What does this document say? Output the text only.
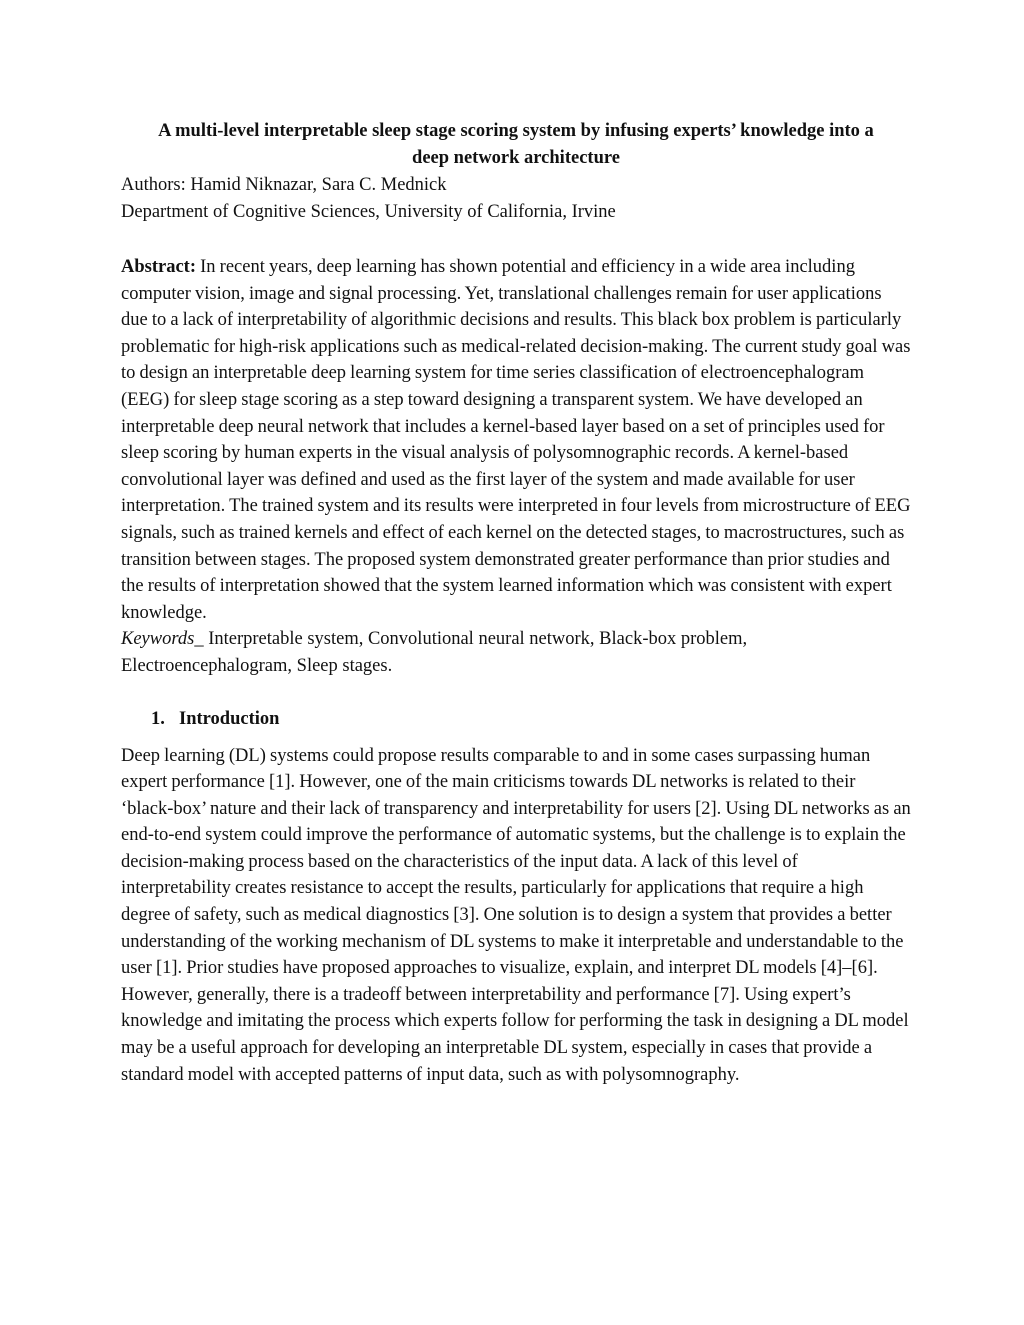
A multi-level interpretable sleep stage scoring system by infusing experts’ knowledge into a
deep network architecture

Authors: Hamid Niknazar, Sara C. Mednick

Department of Cognitive Sciences, University of California, Irvine

Abstract: In recent years, deep learning has shown potential and efficiency in a wide area including computer vision, image and signal processing. Yet, translational challenges remain for user applications due to a lack of interpretability of algorithmic decisions and results. This black box problem is particularly problematic for high-risk applications such as medical-related decision-making. The current study goal was to design an interpretable deep learning system for time series classification of electroencephalogram (EEG) for sleep stage scoring as a step toward designing a transparent system. We have developed an interpretable deep neural network that includes a kernel-based layer based on a set of principles used for sleep scoring by human experts in the visual analysis of polysomnographic records. A kernel-based convolutional layer was defined and used as the first layer of the system and made available for user interpretation. The trained system and its results were interpreted in four levels from microstructure of EEG signals, such as trained kernels and effect of each kernel on the detected stages, to macrostructures, such as transition between stages. The proposed system demonstrated greater performance than prior studies and the results of interpretation showed that the system learned information which was consistent with expert knowledge.

Keywords_ Interpretable system, Convolutional neural network, Black-box problem, Electroencephalogram, Sleep stages.

1. Introduction

Deep learning (DL) systems could propose results comparable to and in some cases surpassing human expert performance [1]. However, one of the main criticisms towards DL networks is related to their ‘black-box’ nature and their lack of transparency and interpretability for users [2]. Using DL networks as an end-to-end system could improve the performance of automatic systems, but the challenge is to explain the decision-making process based on the characteristics of the input data. A lack of this level of interpretability creates resistance to accept the results, particularly for applications that require a high degree of safety, such as medical diagnostics [3]. One solution is to design a system that provides a better understanding of the working mechanism of DL systems to make it interpretable and understandable to the user [1]. Prior studies have proposed approaches to visualize, explain, and interpret DL models [4]–[6]. However, generally, there is a tradeoff between interpretability and performance [7]. Using expert’s knowledge and imitating the process which experts follow for performing the task in designing a DL model may be a useful approach for developing an interpretable DL system, especially in cases that provide a standard model with accepted patterns of input data, such as with polysomnography.
